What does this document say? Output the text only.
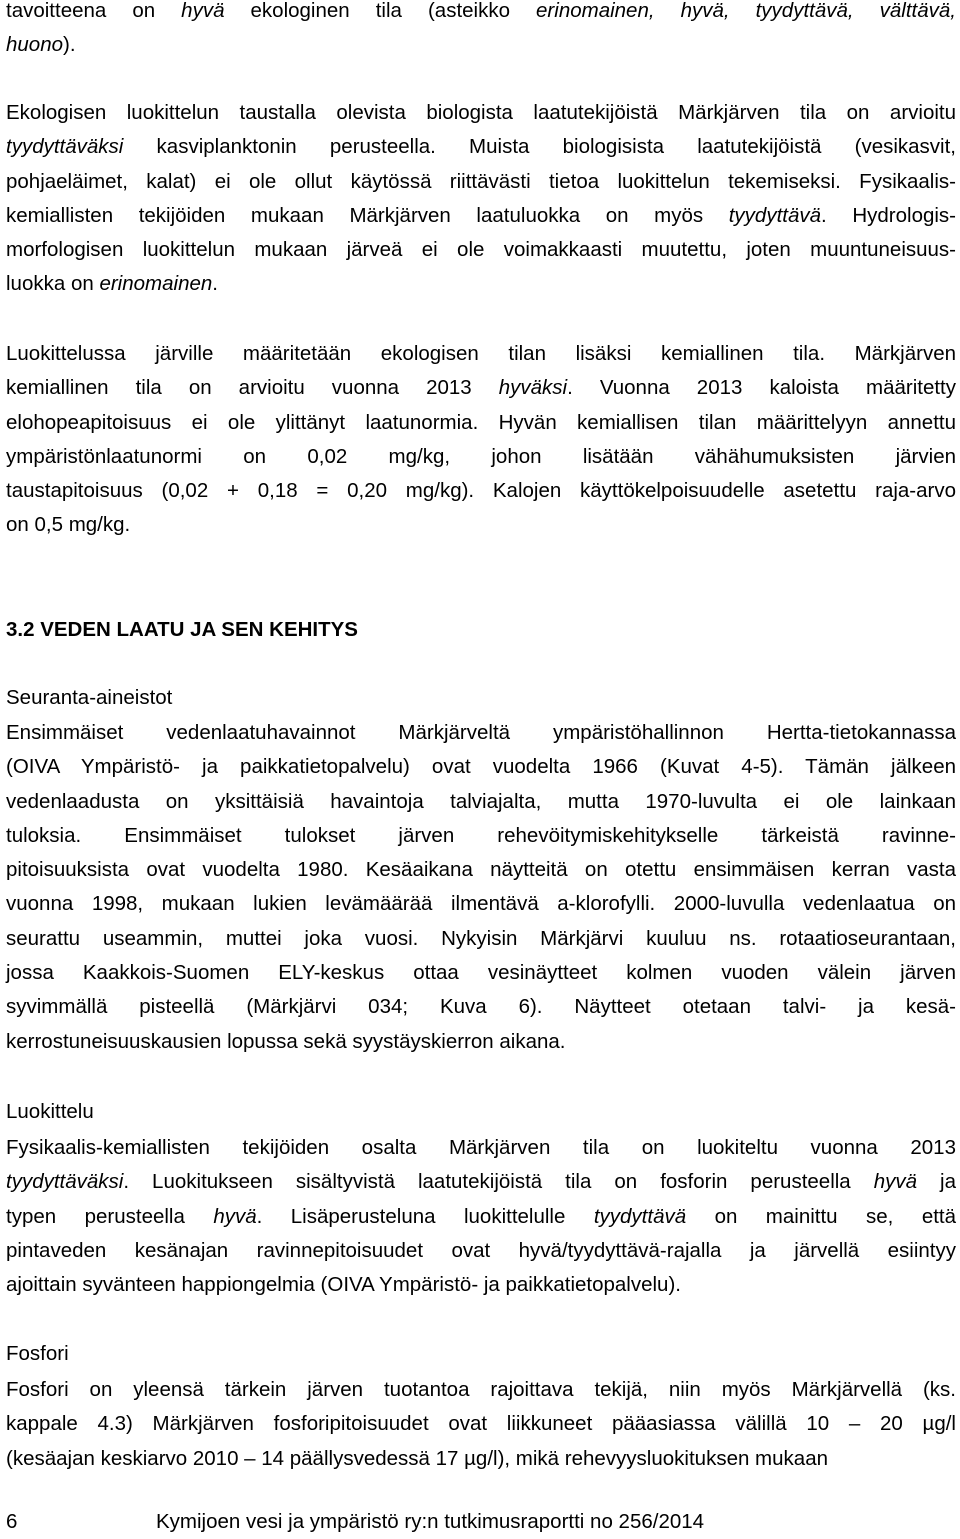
tavoitteena on hyvä ekologinen tila (asteikko erinomainen, hyvä, tyydyttävä, välttävä,
huono).

Ekologisen luokittelun taustalla olevista biologista laatutekijöistä Märkjärven tila on arvioitu
tyydyttäväksi kasviplanktonin perusteella. Muista biologisista laatutekijöistä (vesikasvit,
pohjaeläimet, kalat) ei ole ollut käytössä riittävästi tietoa luokittelun tekemiseksi. Fysikaalis-
kemiallisten tekijöiden mukaan Märkjärven laatuluokka on myös tyydyttävä. Hydrologis-
morfologisen luokittelun mukaan järveä ei ole voimakkaasti muutettu, joten muuntuneisuus-
luokka on erinomainen.

Luokittelussa järville määritetään ekologisen tilan lisäksi kemiallinen tila. Märkjärven
kemiallinen tila on arvioitu vuonna 2013 hyväksi. Vuonna 2013 kaloista määritetty
elohopeapitoisuus ei ole ylittänyt laatunormia. Hyvän kemiallisen tilan määrittelyyn annettu
ympäristönlaatunormi on 0,02 mg/kg, johon lisätään vähähumuksisten järvien
taustapitoisuus (0,02 + 0,18 = 0,20 mg/kg). Kalojen käyttökelpoisuudelle asetettu raja-arvo
on 0,5 mg/kg.

3.2 VEDEN LAATU JA SEN KEHITYS
Seuranta-aineistot

Ensimmäiset vedenlaatuhavainnot Märkjärveltä ympäristöhallinnon Hertta-tietokannassa
(OIVA Ympäristö- ja paikkatietopalvelu) ovat vuodelta 1966 (Kuvat 4-5). Tämän jälkeen
vedenlaadusta on yksittäisiä havaintoja talviajalta, mutta 1970-luvulta ei ole lainkaan
tuloksia. Ensimmäiset tulokset järven rehevöitymiskehitykselle tärkeistä ravinne-
pitoisuuksista ovat vuodelta 1980. Kesäaikana näytteitä on otettu ensimmäisen kerran vasta
vuonna 1998, mukaan lukien levämäärää ilmentävä a-klorofylli. 2000-luvulla vedenlaatua on
seurattu useammin, muttei joka vuosi. Nykyisin Märkjärvi kuuluu ns. rotaatioseurantaan,
jossa Kaakkois-Suomen ELY-keskus ottaa vesinäytteet kolmen vuoden välein järven
syvimmällä pisteellä (Märkjärvi 034; Kuva 6). Näytteet otetaan talvi- ja kesä-
kerrostuneisuuskausien lopussa sekä syystäyskierron aikana.

Luokittelu

Fysikaalis-kemiallisten tekijöiden osalta Märkjärven tila on luokiteltu vuonna 2013
tyydyttäväksi. Luokitukseen sisältyvistä laatutekijöistä tila on fosforin perusteella hyvä ja
typen perusteella hyvä. Lisäperusteluna luokittelulle tyydyttävä on mainittu se, että
pintaveden kesänajan ravinnepitoisuudet ovat hyvä/tyydyttävä-rajalla ja järvellä esiintyy
ajoittain syvänteen happiongelmia (OIVA Ympäristö- ja paikkatietopalvelu).

Fosfori

Fosfori on yleensä tärkein järven tuotantoa rajoittava tekijä, niin myös Märkjärvellä (ks.
kappale 4.3) Märkjärven fosforipitoisuudet ovat liikkuneet pääasiassa välillä 10 – 20 µg/l
(kesäajan keskiarvo 2010 – 14 päällysvedessä 17 µg/l), mikä rehevyysluokituksen mukaan

6	Kymijoen vesi ja ympäristö ry:n tutkimusraportti no 256/2014
